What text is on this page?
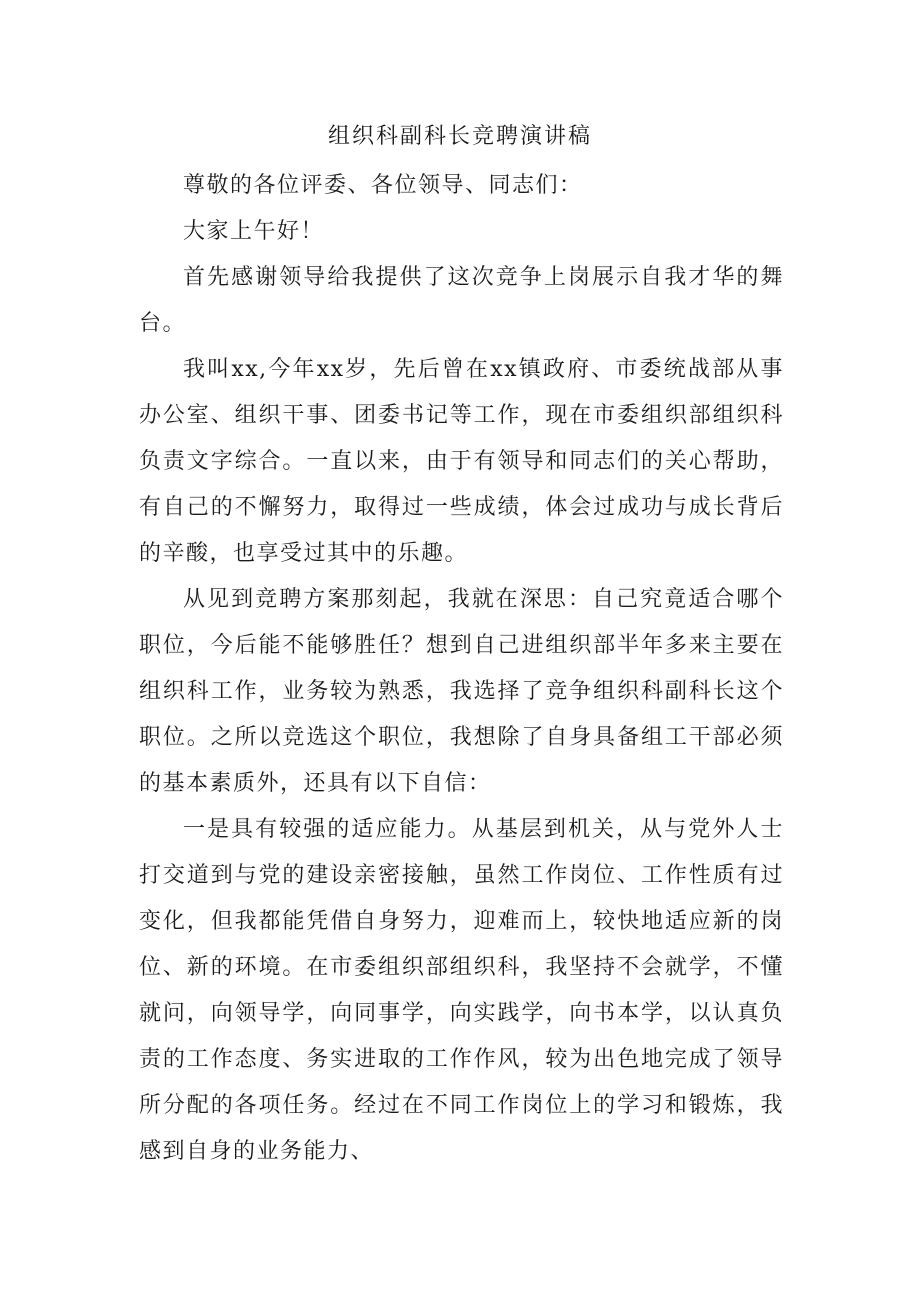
组织科副科长竞聘演讲稿

尊敬的各位评委、各位领导、同志们：

大家上午好！

首先感谢领导给我提供了这次竞争上岗展示自我才华的舞台。

我叫xx,今年xx岁，先后曾在xx镇政府、市委统战部从事办公室、组织干事、团委书记等工作，现在市委组织部组织科负责文字综合。一直以来，由于有领导和同志们的关心帮助，有自己的不懈努力，取得过一些成绩，体会过成功与成长背后的辛酸，也享受过其中的乐趣。

从见到竞聘方案那刻起，我就在深思：自己究竟适合哪个职位，今后能不能够胜任？想到自己进组织部半年多来主要在组织科工作，业务较为熟悉，我选择了竞争组织科副科长这个职位。之所以竞选这个职位，我想除了自身具备组工干部必须的基本素质外，还具有以下自信：

一是具有较强的适应能力。从基层到机关，从与党外人士打交道到与党的建设亲密接触，虽然工作岗位、工作性质有过变化，但我都能凭借自身努力，迎难而上，较快地适应新的岗位、新的环境。在市委组织部组织科，我坚持不会就学，不懂就问，向领导学，向同事学，向实践学，向书本学，以认真负责的工作态度、务实进取的工作作风，较为出色地完成了领导所分配的各项任务。经过在不同工作岗位上的学习和锻炼，我感到自身的业务能力、
